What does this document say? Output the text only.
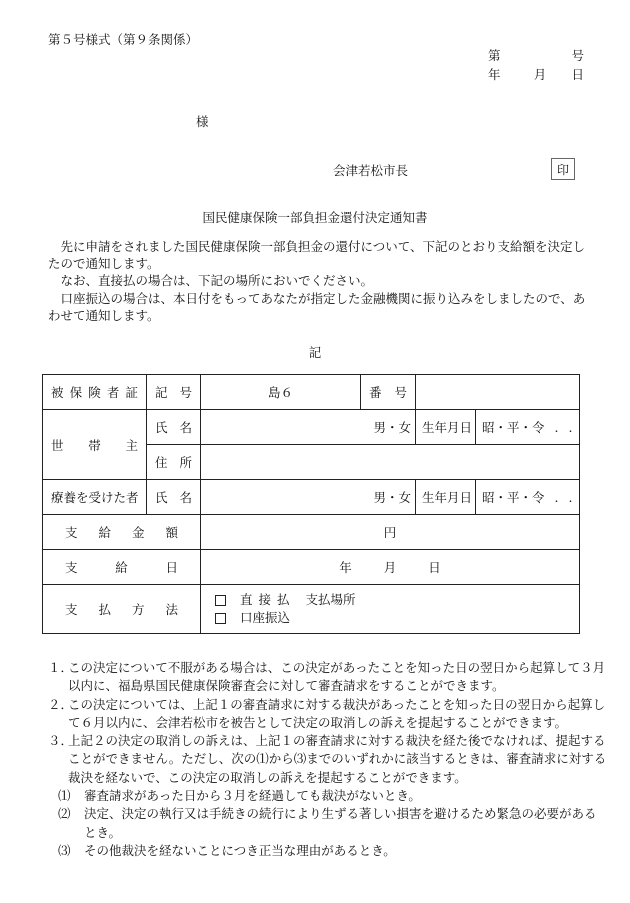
第５号様式（第９条関係）
第	号
年	月 日
様
会津若松市長	印
国民健康保険一部負担金還付決定通知書

先に申請をされました国民健康保険一部負担金の還付について、下記のとおり支給額を決定したので通知します。

なお、直接払の場合は、下記の場所においでください。

口座振込の場合は、本日付をもってあなたが指定した金融機関に振り込みをしましたので、あわせて通知します。

記
被保険者証	記号	島６	番号		
世帯主	氏名	男・女		生年月日	昭・平・令 . .
	住所				
療養を受けた者	氏名	男・女		生年月日	昭・平・令 . .
支給金額		円			
支給日		年 月 日			
支払方法		直接払 支払場所
口座振込			
１．
この決定について不服がある場合は、この決定があったことを知った日の翌日から起算して３月以内に、福島県国民健康保険審査会に対して審査請求をすることができます。
２．
この決定については、上記１の審査請求に対する裁決があったことを知った日の翌日から起算して６月以内に、会津若松市を被告として決定の取消しの訴えを提起することができます。
３．
上記２の決定の取消しの訴えは、上記１の審査請求に対する裁決を経た後でなければ、提起することができません。ただし、次の⑴から⑶までのいずれかに該当するときは、審査請求に対する裁決を経ないで、この決定の取消しの訴えを提起することができます。
⑴	審査請求があった日から３月を経過しても裁決がないとき。
⑵	決定、決定の執行又は手続きの続行により生ずる著しい損害を避けるため緊急の必要があるとき。
⑶	その他裁決を経ないことにつき正当な理由があるとき。
